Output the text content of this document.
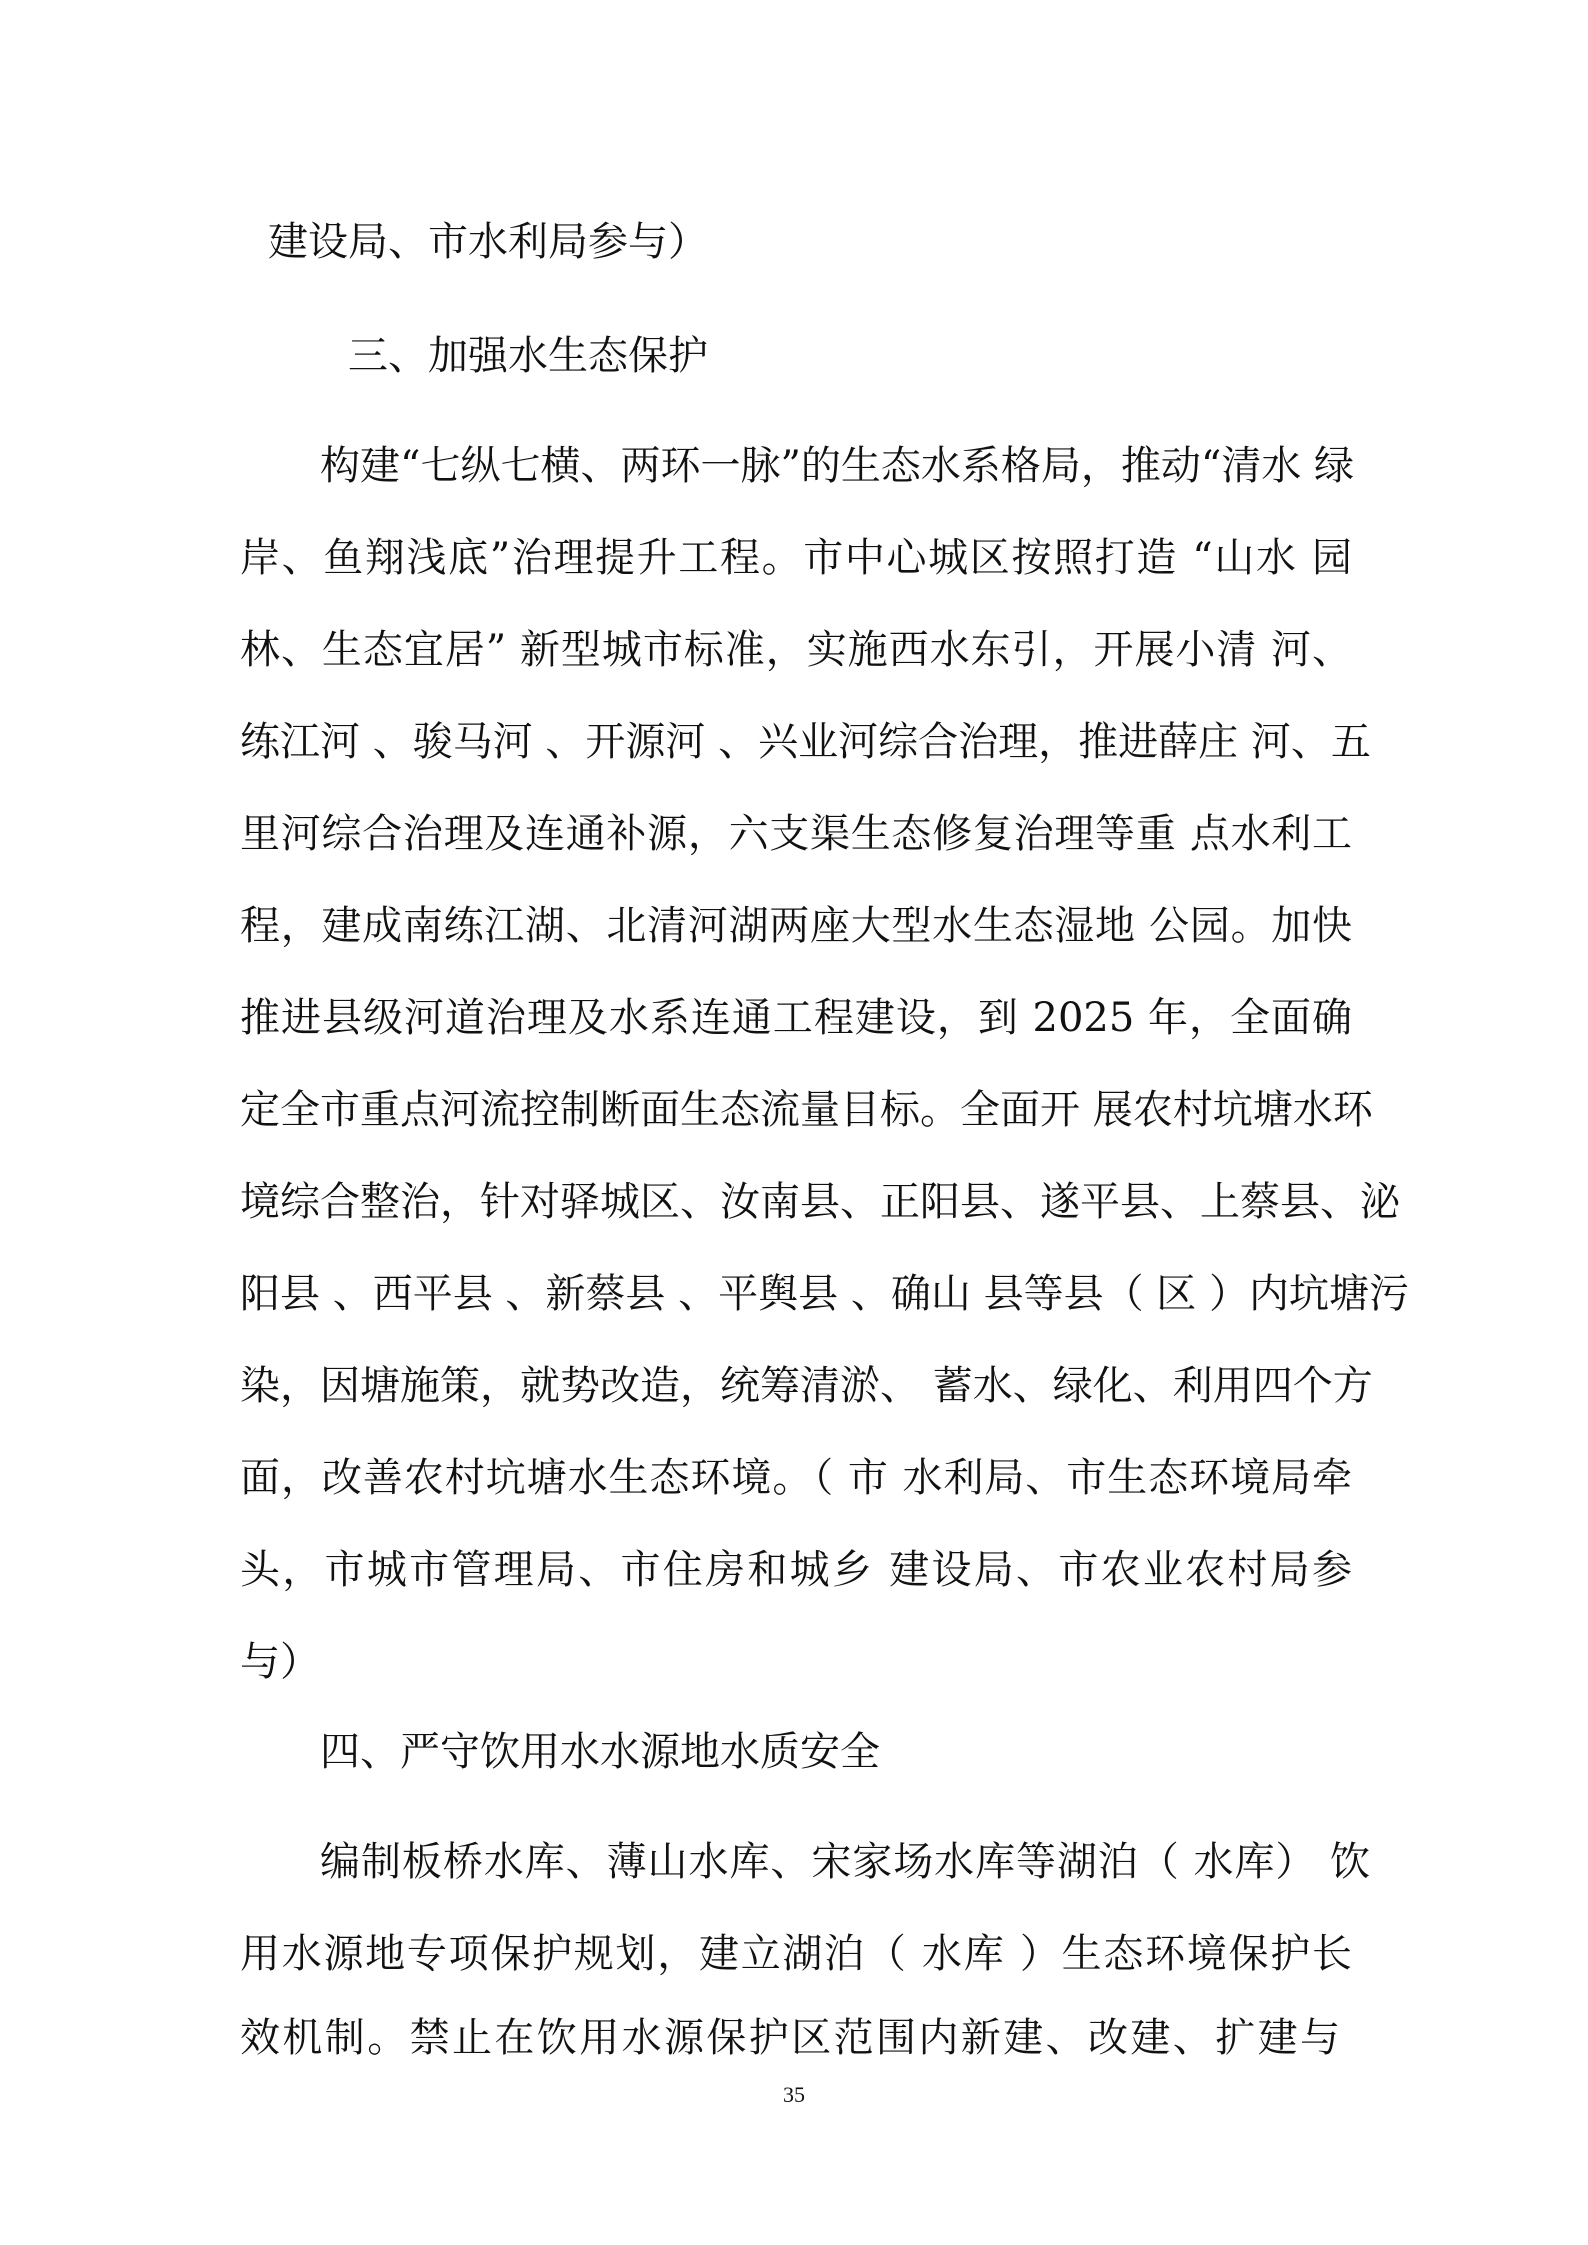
建设局、市水利局参与）
三、加强水生态保护
构建“七纵七横、两环一脉”的生态水系格局，推动“清水 绿
岸、鱼翔浅底”治理提升工程。市中心城区按照打造 “山水 园
林、生态宜居” 新型城市标准，实施西水东引，开展小清 河、
练江河 、骏马河 、开源河 、兴业河综合治理，推进薛庄 河、五
里河综合治理及连通补源，六支渠生态修复治理等重 点水利工
程，建成南练江湖、北清河湖两座大型水生态湿地 公园。加快
推进县级河道治理及水系连通工程建设，到 2025 年，全面确
定全市重点河流控制断面生态流量目标。全面开 展农村坑塘水环
境综合整治，针对驿城区、汝南县、正阳县、遂平县、上蔡县、泌
阳县 、西平县 、新蔡县 、平舆县 、确山 县等县（ 区 ）内坑塘污
染，因塘施策，就势改造，统筹清淤、 蓄水、绿化、利用四个方
面，改善农村坑塘水生态环境。（ 市 水利局、市生态环境局牵
头，市城市管理局、市住房和城乡 建设局、市农业农村局参
与）
四、严守饮用水水源地水质安全
编制板桥水库、薄山水库、宋家场水库等湖泊（ 水库） 饮
用水源地专项保护规划，建立湖泊（ 水库 ）生态环境保护长
效机制。禁止在饮用水源保护区范围内新建、改建、扩建与
35
